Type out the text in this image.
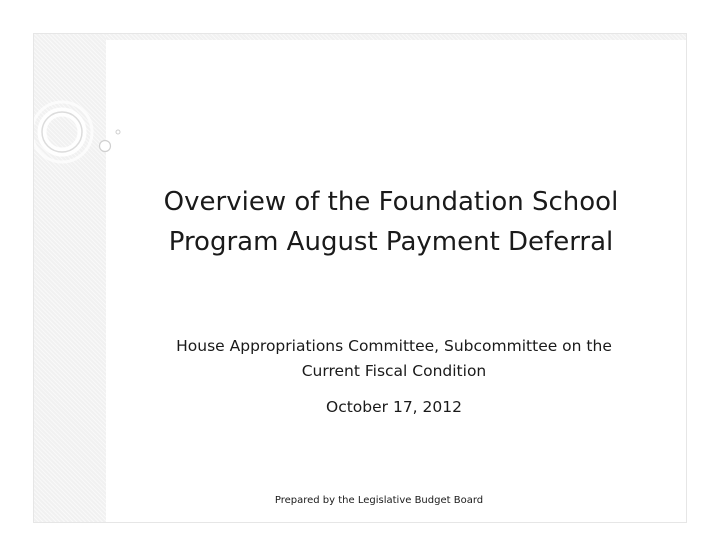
Overview of the Foundation School
Program August Payment Deferral
House Appropriations Committee, Subcommittee on the
Current Fiscal Condition
October 17, 2012
Prepared by the Legislative Budget Board
